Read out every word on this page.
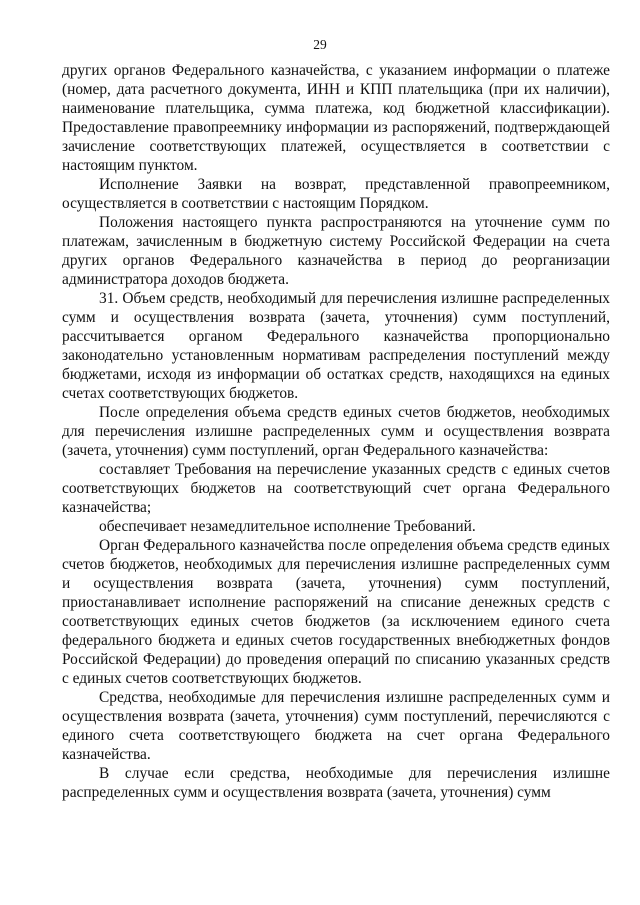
29

других органов Федерального казначейства, с указанием информации о платеже (номер, дата расчетного документа, ИНН и КПП плательщика (при их наличии), наименование плательщика, сумма платежа, код бюджетной классификации). Предоставление правопреемнику информации из распоряжений, подтверждающей зачисление соответствующих платежей, осуществляется в соответствии с настоящим пунктом.

Исполнение Заявки на возврат, представленной правопреемником, осуществляется в соответствии с настоящим Порядком.

Положения настоящего пункта распространяются на уточнение сумм по платежам, зачисленным в бюджетную систему Российской Федерации на счета других органов Федерального казначейства в период до реорганизации администратора доходов бюджета.

31. Объем средств, необходимый для перечисления излишне распределенных сумм и осуществления возврата (зачета, уточнения) сумм поступлений, рассчитывается органом Федерального казначейства пропорционально законодательно установленным нормативам распределения поступлений между бюджетами, исходя из информации об остатках средств, находящихся на единых счетах соответствующих бюджетов.

После определения объема средств единых счетов бюджетов, необходимых для перечисления излишне распределенных сумм и осуществления возврата (зачета, уточнения) сумм поступлений, орган Федерального казначейства:

составляет Требования на перечисление указанных средств с единых счетов соответствующих бюджетов на соответствующий счет органа Федерального казначейства;

обеспечивает незамедлительное исполнение Требований.

Орган Федерального казначейства после определения объема средств единых счетов бюджетов, необходимых для перечисления излишне распределенных сумм и осуществления возврата (зачета, уточнения) сумм поступлений, приостанавливает исполнение распоряжений на списание денежных средств с соответствующих единых счетов бюджетов (за исключением единого счета федерального бюджета и единых счетов государственных внебюджетных фондов Российской Федерации) до проведения операций по списанию указанных средств с единых счетов соответствующих бюджетов.

Средства, необходимые для перечисления излишне распределенных сумм и осуществления возврата (зачета, уточнения) сумм поступлений, перечисляются с единого счета соответствующего бюджета на счет органа Федерального казначейства.

В случае если средства, необходимые для перечисления излишне распределенных сумм и осуществления возврата (зачета, уточнения) сумм
